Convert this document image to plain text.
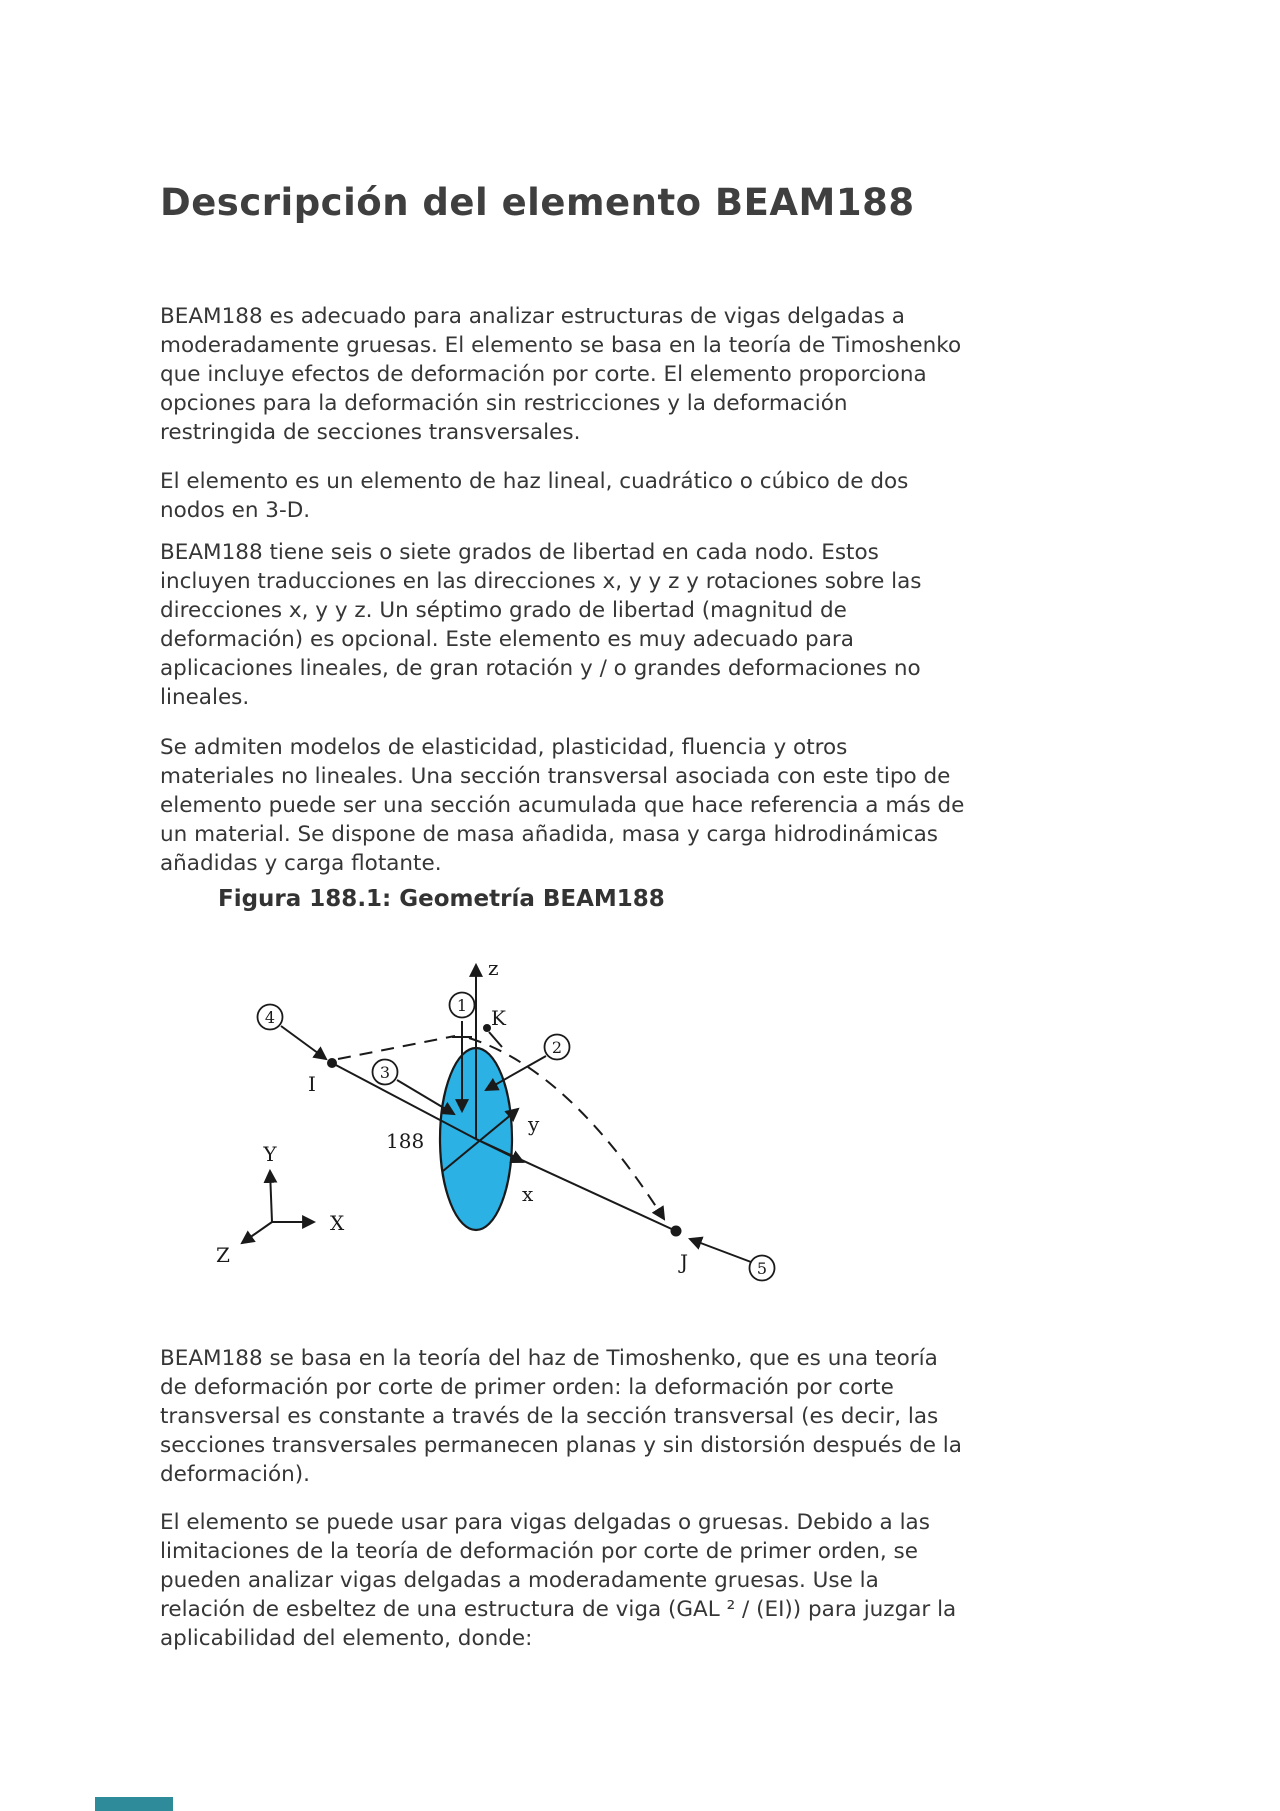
Descripción del elemento BEAM188

BEAM188 es adecuado para analizar estructuras de vigas delgadas a moderadamente gruesas. El elemento se basa en la teoría de Timoshenko que incluye efectos de deformación por corte. El elemento proporciona opciones para la deformación sin restricciones y la deformación restringida de secciones transversales.

El elemento es un elemento de haz lineal, cuadrático o cúbico de dos nodos en 3-D.

BEAM188 tiene seis o siete grados de libertad en cada nodo. Estos incluyen traducciones en las direcciones x, y y z y rotaciones sobre las direcciones x, y y z. Un séptimo grado de libertad (magnitud de deformación) es opcional. Este elemento es muy adecuado para aplicaciones lineales, de gran rotación y / o grandes deformaciones no lineales.

Se admiten modelos de elasticidad, plasticidad, fluencia y otros materiales no lineales. Una sección transversal asociada con este tipo de elemento puede ser una sección acumulada que hace referencia a más de un material. Se dispone de masa añadida, masa y carga hidrodinámicas añadidas y carga flotante.

Figura 188.1: Geometría BEAM188
1
2
3
4
5
z
y
x
K
I
J
188
Y
X
Z

BEAM188 se basa en la teoría del haz de Timoshenko, que es una teoría de deformación por corte de primer orden: la deformación por corte transversal es constante a través de la sección transversal (es decir, las secciones transversales permanecen planas y sin distorsión después de la deformación).

El elemento se puede usar para vigas delgadas o gruesas. Debido a las limitaciones de la teoría de deformación por corte de primer orden, se pueden analizar vigas delgadas a moderadamente gruesas. Use la relación de esbeltez de una estructura de viga (GAL ² / (EI)) para juzgar la aplicabilidad del elemento, donde:
